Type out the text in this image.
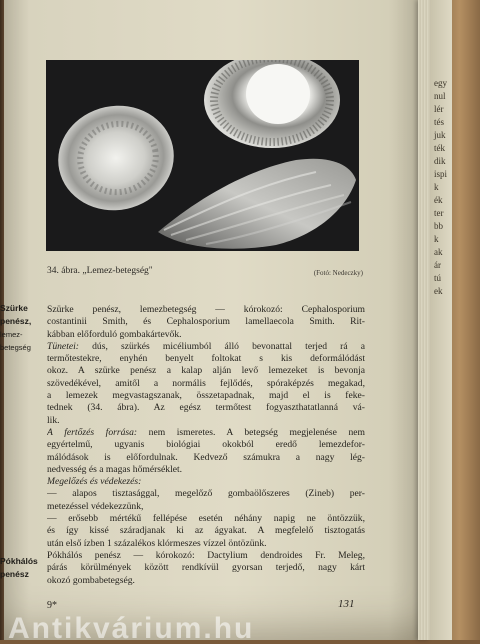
egy
nul
lér
tés
juk
ték
dik
ispi
k
ék
ter
bb
k
ak
ár
tú
ek
34. ábra. „Lemez-betegség"	(Fotó: Nedeczky)
Szürke
penész,
lemez-
betegség
Pókhálós
penész
Szürke penész, lemezbetegség — kórokozó: Cephalosporium
costantinii Smith, és Cephalosporium lamellaecola Smith. Rit-
kábban előforduló gombakártevők.
Tünetei: dús, szürkés micéliumból álló bevonattal terjed rá a
termőtestekre, enyhén benyelt foltokat s kis deformálódást
okoz. A szürke penész a kalap alján levő lemezeket is bevonja
szövedékével, amitől a normális fejlődés, spóraképzés megakad,
a lemezek megvastagszanak, összetapadnak, majd el is feke-
tednek (34. ábra). Az egész termőtest fogyaszthatatlanná vá-
lik.
A fertőzés forrása: nem ismeretes. A betegség megjelenése nem
egyértelmű, ugyanis biológiai okokból eredő lemezdefor-
málódások is előfordulnak. Kedvező számukra a nagy lég-
nedvesség és a magas hőmérséklet.
Megelőzés és védekezés:
— alapos tisztasággal, megelőző gombaölőszeres (Zineb) per-
metezéssel védekezzünk,
— erősebb mértékű fellépése esetén néhány napig ne öntözzük,
és így kissé száradjanak ki az ágyakat. A megfelelő tisztogatás
után első ízben 1 százalékos klórmeszes vízzel öntözünk.
Pókhálós penész — kórokozó: Dactylium dendroides Fr. Meleg,
párás körülmények között rendkívül gyorsan terjedő, nagy kárt
okozó gombabetegség.
9*	131
Antikvárium.hu
